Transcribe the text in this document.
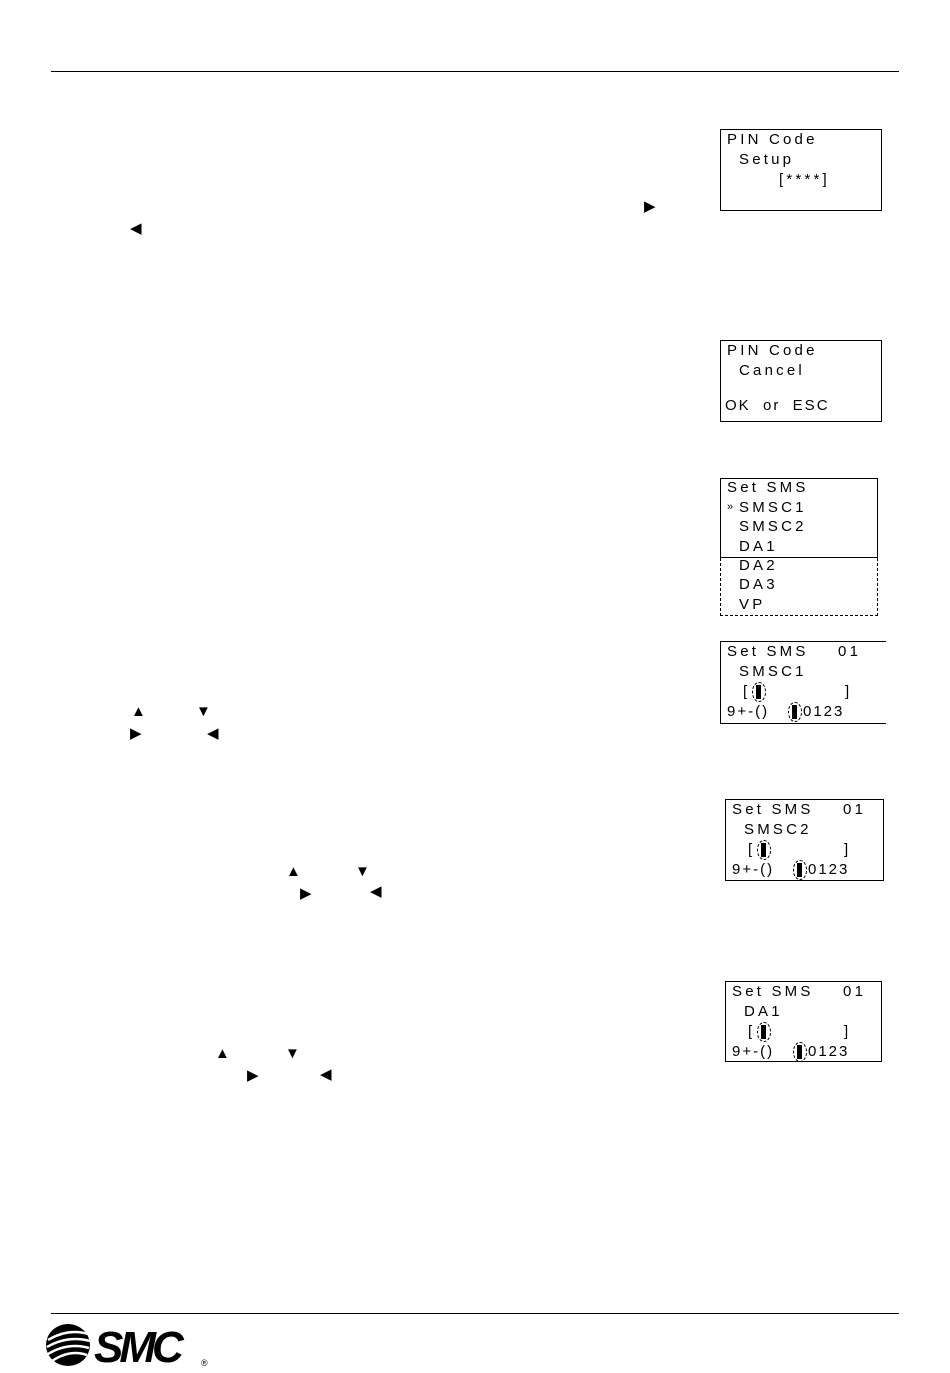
PIN Code
Setup
[****]
▶
◀
PIN Code
Cancel
OK  or  ESC
Set SMS
» SMSC1
SMSC2
DA1
DA2
DA3
VP
Set SMS    01
SMSC1
[	]
9+-() 0123
▲	▼
▶	◀
Set SMS    01
SMSC2
[	]
9+-() 0123
▲	▼
▶	◀
Set SMS    01
DA1
[	]
9+-() 0123
▲	▼
▶	◀
SMC	®
